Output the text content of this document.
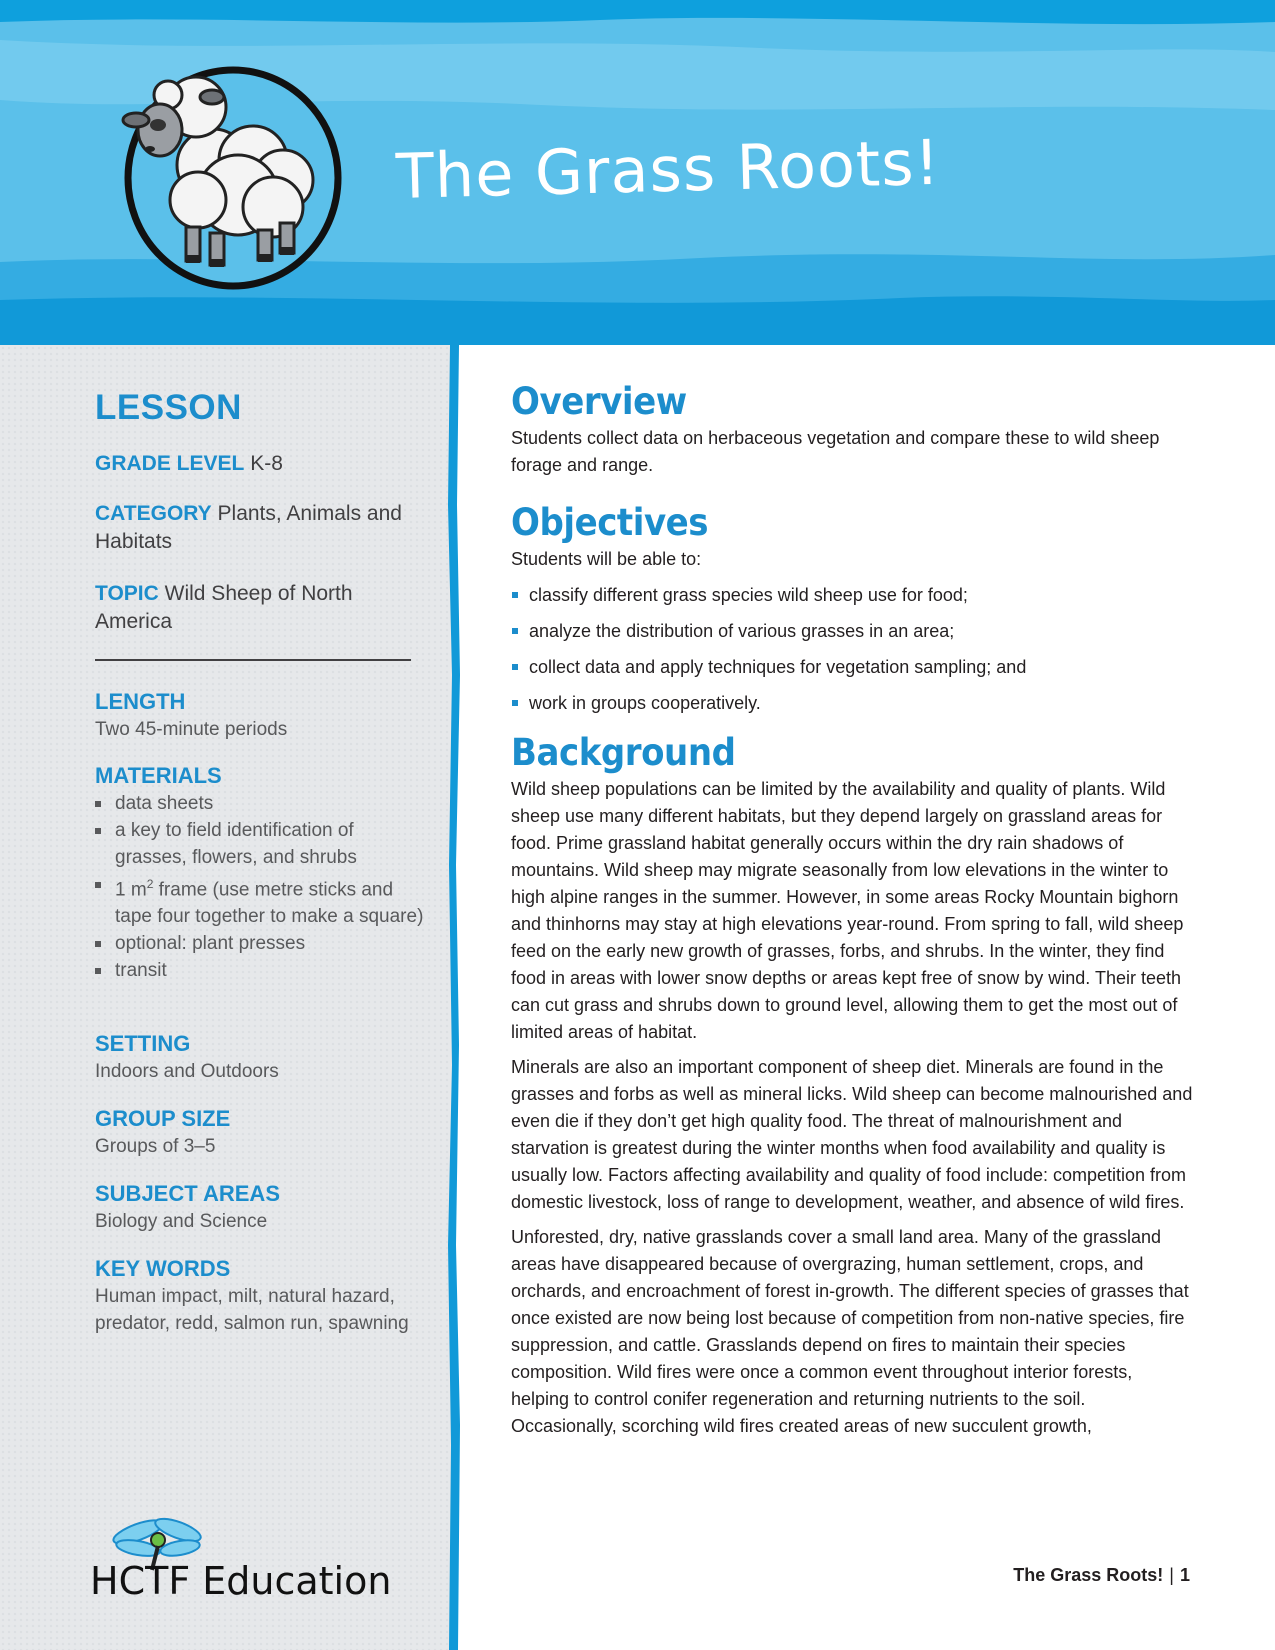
The Grass Roots!
LESSON
GRADE LEVEL K-8
CATEGORY Plants, Animals and Habitats
TOPIC Wild Sheep of North America
LENGTH
Two 45-minute periods
MATERIALS
data sheets
a key to field identification of grasses, flowers, and shrubs
1 $m^2$ frame (use metre sticks and tape four together to make a square)
optional: plant presses
transit
SETTING
Indoors and Outdoors
GROUP SIZE
Groups of 3–5
SUBJECT AREAS
Biology and Science
KEY WORDS
Human impact, milt, natural hazard, predator, redd, salmon run, spawning
HCTF Education
Overview

Students collect data on herbaceous vegetation and compare these to wild sheep forage and range.

Objectives

Students will be able to:

classify different grass species wild sheep use for food;
analyze the distribution of various grasses in an area;
collect data and apply techniques for vegetation sampling; and
work in groups cooperatively.
Background

Wild sheep populations can be limited by the availability and quality of plants. Wild sheep use many different habitats, but they depend largely on grassland areas for food. Prime grassland habitat generally occurs within the dry rain shadows of mountains. Wild sheep may migrate seasonally from low elevations in the winter to high alpine ranges in the summer. However, in some areas Rocky Mountain bighorn and thinhorns may stay at high elevations year-round. From spring to fall, wild sheep feed on the early new growth of grasses, forbs, and shrubs. In the winter, they find food in areas with lower snow depths or areas kept free of snow by wind. Their teeth can cut grass and shrubs down to ground level, allowing them to get the most out of limited areas of habitat.

Minerals are also an important component of sheep diet. Minerals are found in the grasses and forbs as well as mineral licks. Wild sheep can become malnourished and even die if they don’t get high quality food. The threat of malnourishment and starvation is greatest during the winter months when food availability and quality is usually low. Factors affecting availability and quality of food include: competition from domestic livestock, loss of range to development, weather, and absence of wild fires.

Unforested, dry, native grasslands cover a small land area. Many of the grassland areas have disappeared because of overgrazing, human settlement, crops, and orchards, and encroachment of forest in-growth. The different species of grasses that once existed are now being lost because of competition from non-native species, fire suppression, and cattle. Grasslands depend on fires to maintain their species composition. Wild fires were once a common event throughout interior forests, helping to control conifer regeneration and returning nutrients to the soil. Occasionally, scorching wild fires created areas of new succulent growth,

The Grass Roots! | 1
